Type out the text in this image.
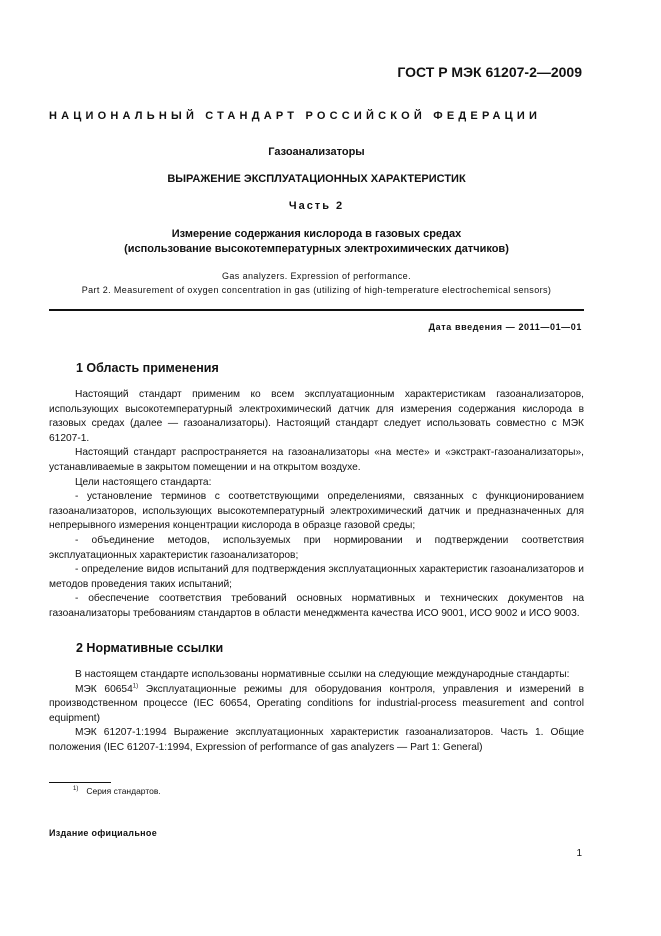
ГОСТ Р МЭК 61207-2—2009
НАЦИОНАЛЬНЫЙ СТАНДАРТ РОССИЙСКОЙ ФЕДЕРАЦИИ
Газоанализаторы
ВЫРАЖЕНИЕ ЭКСПЛУАТАЦИОННЫХ ХАРАКТЕРИСТИК
Часть 2
Измерение содержания кислорода в газовых средах
(использование высокотемпературных электрохимических датчиков)
Gas analyzers. Expression of performance.
Part 2. Measurement of oxygen concentration in gas (utilizing of high-temperature electrochemical sensors)
Дата введения — 2011—01—01
1 Область применения

Настоящий стандарт применим ко всем эксплуатационным характеристикам газоанализаторов, использующих высокотемпературный электрохимический датчик для измерения содержания кислорода в газовых средах (далее — газоанализаторы). Настоящий стандарт следует использовать совместно с МЭК 61207-1.

Настоящий стандарт распространяется на газоанализаторы «на месте» и «экстракт-газоанализаторы», устанавливаемые в закрытом помещении и на открытом воздухе.

Цели настоящего стандарта:

- установление терминов с соответствующими определениями, связанных с функционированием газоанализаторов, использующих высокотемпературный электрохимический датчик и предназначенных для непрерывного измерения концентрации кислорода в образце газовой среды;

- объединение методов, используемых при нормировании и подтверждении соответствия эксплуатационных характеристик газоанализаторов;

- определение видов испытаний для подтверждения эксплуатационных характеристик газоанализаторов и методов проведения таких испытаний;

- обеспечение соответствия требований основных нормативных и технических документов на газоанализаторы требованиям стандартов в области менеджмента качества ИСО 9001, ИСО 9002 и ИСО 9003.

2 Нормативные ссылки

В настоящем стандарте использованы нормативные ссылки на следующие международные стандарты:

МЭК 60654$^{1)}$ Эксплуатационные режимы для оборудования контроля, управления и измерений в производственном процессе (IEC 60654, Operating conditions for industrial-process measurement and control equipment)

МЭК 61207-1:1994 Выражение эксплуатационных характеристик газоанализаторов. Часть 1. Общие положения (IEC 61207-1:1994, Expression of performance of gas analyzers — Part 1: General)

$^{1)}$ Серия стандартов.
Издание официальное
1
